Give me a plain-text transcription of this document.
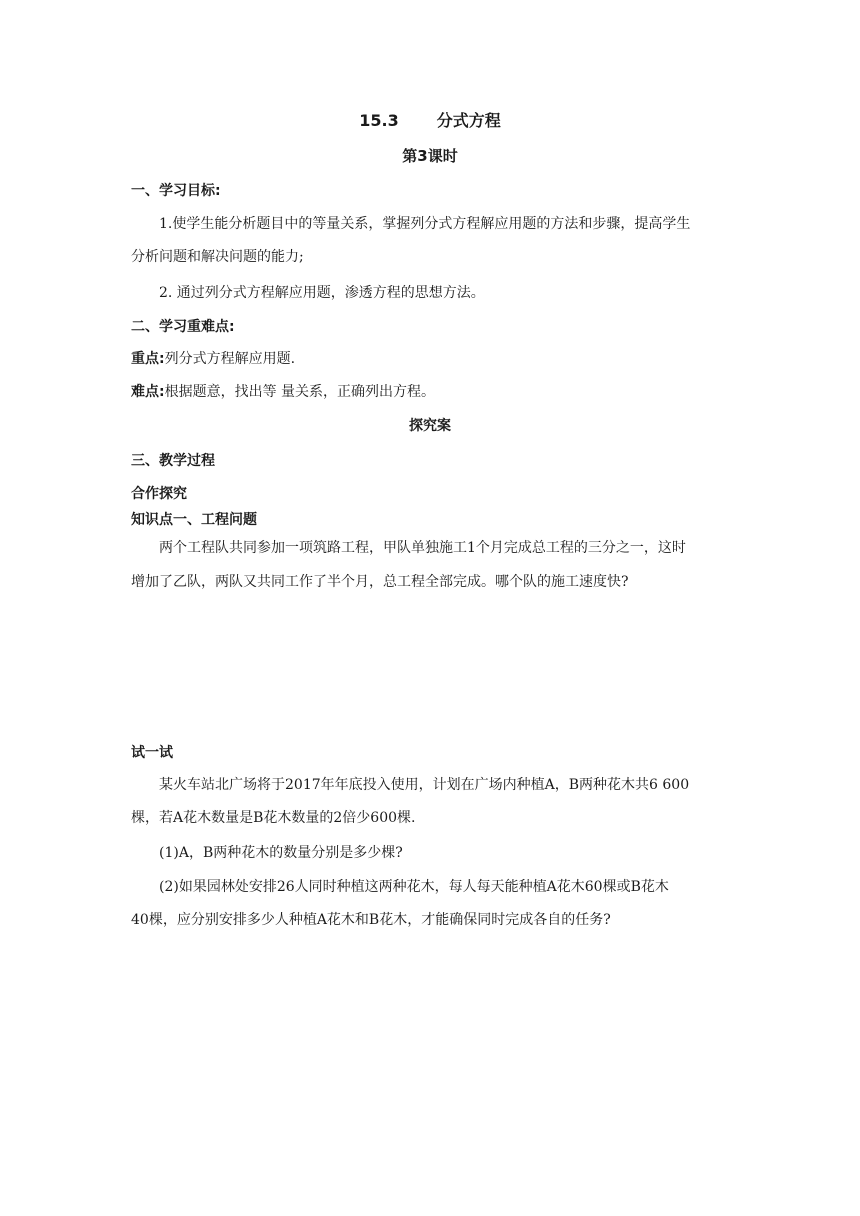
15.3 分式方程
第3课时
一、学习目标:
1.使学生能分析题目中的等量关系，掌握列分式方程解应用题的方法和步骤，提高学生
分析问题和解决问题的能力;
2. 通过列分式方程解应用题，渗透方程的思想方法。
二、学习重难点:
重点:列分式方程解应用题.
难点:根据题意，找出等 量关系，正确列出方程。
探究案
三、教学过程
合作探究
知识点一、工程问题
两个工程队共同参加一项筑路工程，甲队单独施工1个月完成总工程的三分之一，这时
增加了乙队，两队又共同工作了半个月，总工程全部完成。哪个队的施工速度快?
试一试
某火车站北广场将于2017年年底投入使用，计划在广场内种植A，B两种花木共6 600
棵，若A花木数量是B花木数量的2倍少600棵.
(1)A，B两种花木的数量分别是多少棵?
(2)如果园林处安排26人同时种植这两种花木，每人每天能种植A花木60棵或B花木
40棵，应分别安排多少人种植A花木和B花木，才能确保同时完成各自的任务?
